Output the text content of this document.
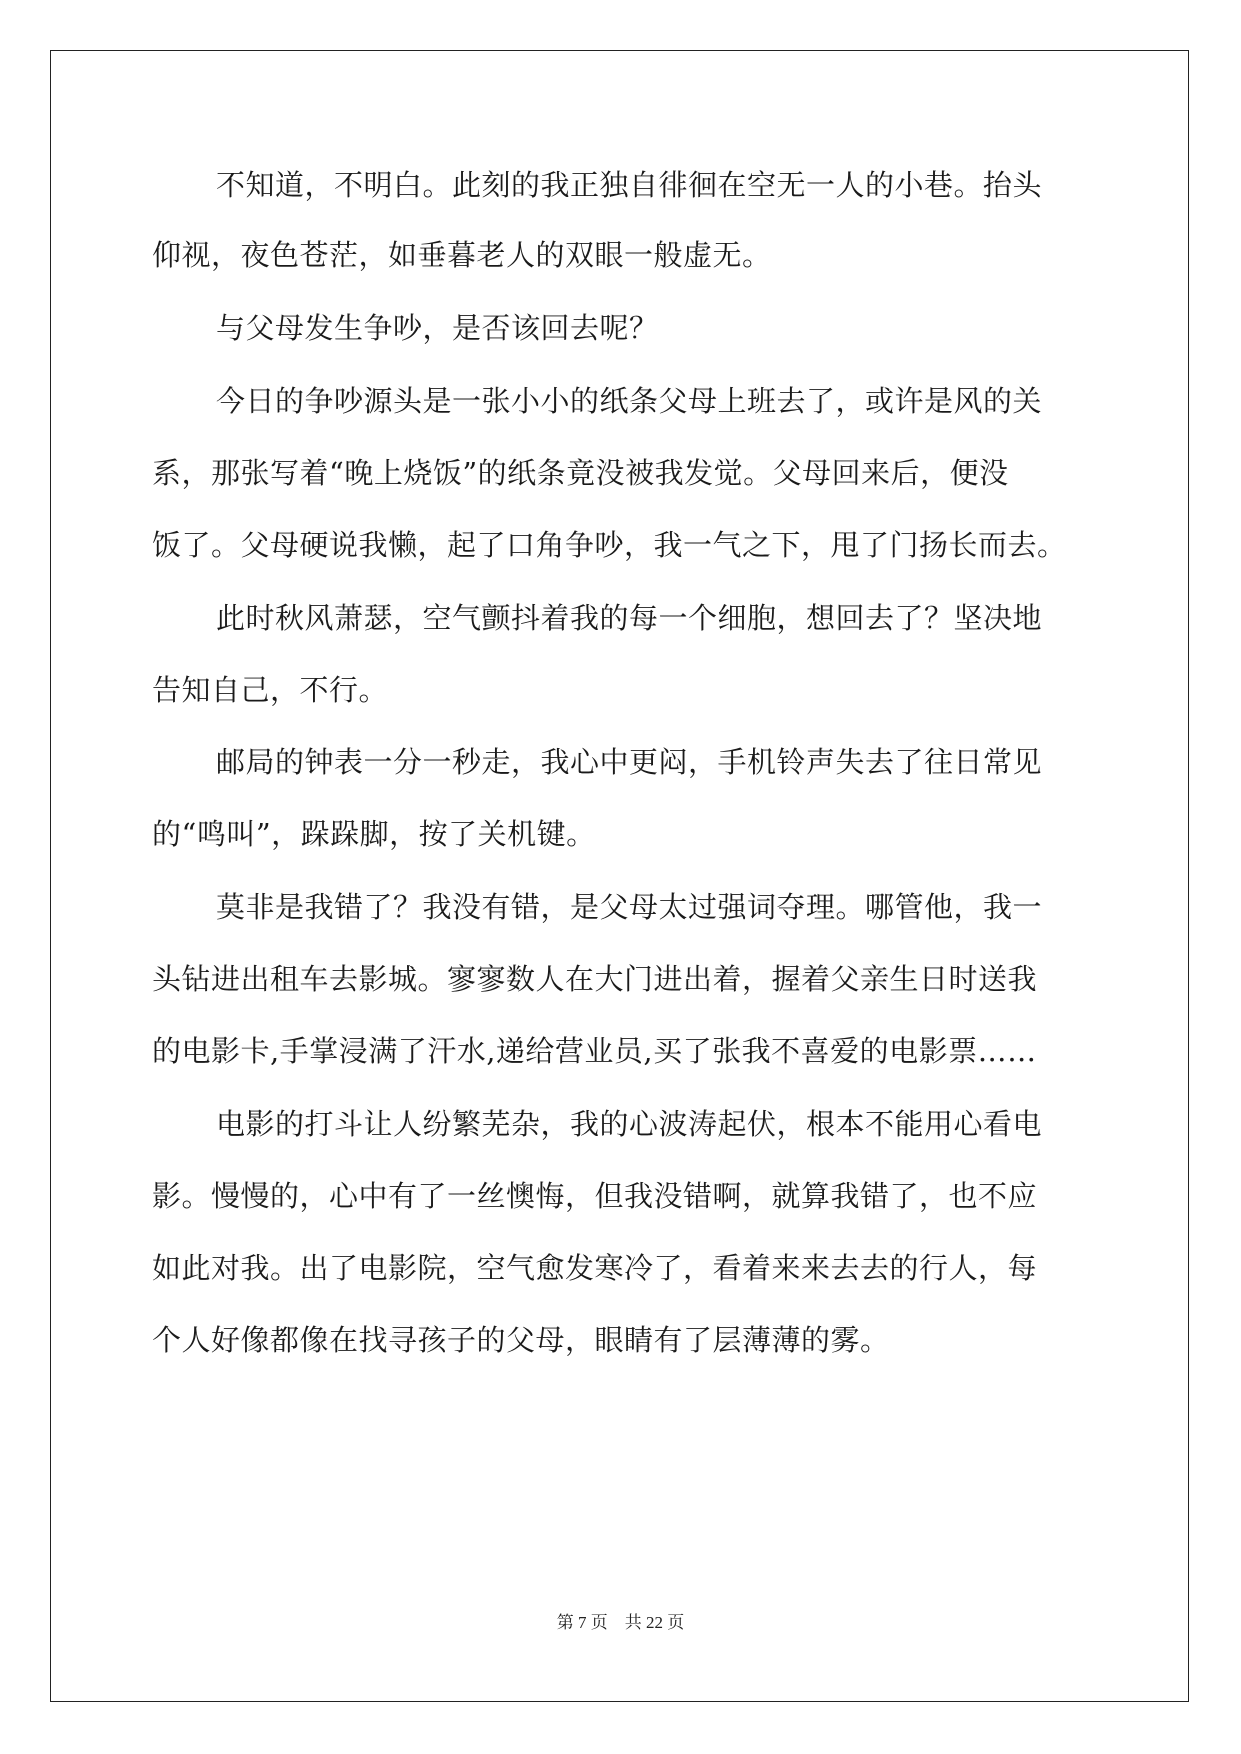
不知道，不明白。此刻的我正独自徘徊在空无一人的小巷。抬头
仰视，夜色苍茫，如垂暮老人的双眼一般虚无。
与父母发生争吵，是否该回去呢？
今日的争吵源头是一张小小的纸条父母上班去了，或许是风的关
系，那张写着“晚上烧饭”的纸条竟没被我发觉。父母回来后，便没
饭了。父母硬说我懒，起了口角争吵，我一气之下，甩了门扬长而去。
此时秋风萧瑟，空气颤抖着我的每一个细胞，想回去了？坚决地
告知自己，不行。
邮局的钟表一分一秒走，我心中更闷，手机铃声失去了往日常见
的“鸣叫”，跺跺脚，按了关机键。
莫非是我错了？我没有错，是父母太过强词夺理。哪管他，我一
头钻进出租车去影城。寥寥数人在大门进出着，握着父亲生日时送我
的电影卡,手掌浸满了汗水,递给营业员,买了张我不喜爱的电影票……
电影的打斗让人纷繁芜杂，我的心波涛起伏，根本不能用心看电
影。慢慢的，心中有了一丝懊悔，但我没错啊，就算我错了，也不应
如此对我。出了电影院，空气愈发寒冷了，看着来来去去的行人，每
个人好像都像在找寻孩子的父母，眼睛有了层薄薄的雾。
第 7 页　共 22 页
